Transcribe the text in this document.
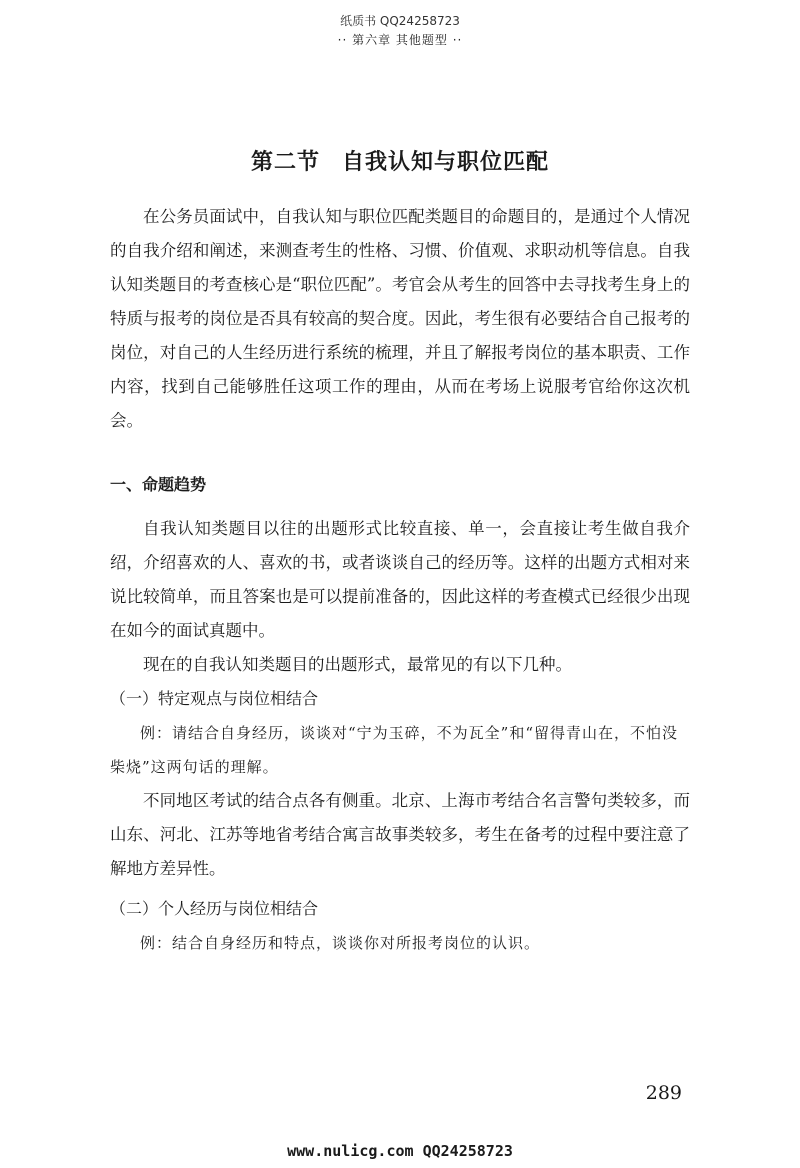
纸质书 QQ24258723
·· 第六章 其他题型 ··
第二节 自我认知与职位匹配

在公务员面试中，自我认知与职位匹配类题目的命题目的，是通过个人情况的自我介绍和阐述，来测查考生的性格、习惯、价值观、求职动机等信息。自我认知类题目的考查核心是“职位匹配”。考官会从考生的回答中去寻找考生身上的特质与报考的岗位是否具有较高的契合度。因此，考生很有必要结合自己报考的岗位，对自己的人生经历进行系统的梳理，并且了解报考岗位的基本职责、工作内容，找到自己能够胜任这项工作的理由，从而在考场上说服考官给你这次机会。

一、命题趋势

自我认知类题目以往的出题形式比较直接、单一，会直接让考生做自我介绍，介绍喜欢的人、喜欢的书，或者谈谈自己的经历等。这样的出题方式相对来说比较简单，而且答案也是可以提前准备的，因此这样的考查模式已经很少出现在如今的面试真题中。

现在的自我认知类题目的出题形式，最常见的有以下几种。

（一）特定观点与岗位相结合

例：请结合自身经历，谈谈对“宁为玉碎，不为瓦全”和“留得青山在，不怕没柴烧”这两句话的理解。

不同地区考试的结合点各有侧重。北京、上海市考结合名言警句类较多，而山东、河北、江苏等地省考结合寓言故事类较多，考生在备考的过程中要注意了解地方差异性。

（二）个人经历与岗位相结合

例：结合自身经历和特点，谈谈你对所报考岗位的认识。

289
www.nulicg.com QQ24258723
